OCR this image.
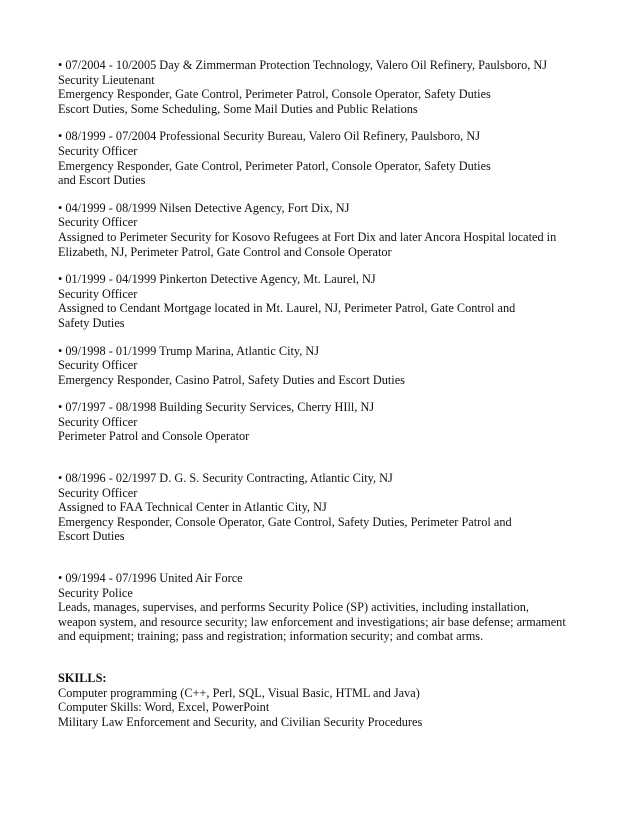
• 07/2004 - 10/2005 Day & Zimmerman Protection Technology, Valero Oil Refinery, Paulsboro, NJ
Security Lieutenant
Emergency Responder, Gate Control, Perimeter Patrol, Console Operator, Safety Duties
Escort Duties, Some Scheduling, Some Mail Duties and Public Relations
• 08/1999 - 07/2004 Professional Security Bureau, Valero Oil Refinery, Paulsboro, NJ
Security Officer
Emergency Responder, Gate Control, Perimeter Patorl, Console Operator, Safety Duties
and Escort Duties
• 04/1999 - 08/1999 Nilsen Detective Agency, Fort Dix, NJ
Security Officer
Assigned to Perimeter Security for Kosovo Refugees at Fort Dix and later Ancora Hospital located in
Elizabeth, NJ, Perimeter Patrol, Gate Control and Console Operator
• 01/1999 - 04/1999 Pinkerton Detective Agency, Mt. Laurel, NJ
Security Officer
Assigned to Cendant Mortgage located in Mt. Laurel, NJ, Perimeter Patrol, Gate Control and
Safety Duties
• 09/1998 - 01/1999 Trump Marina, Atlantic City, NJ
Security Officer
Emergency Responder, Casino Patrol, Safety Duties and Escort Duties
• 07/1997 - 08/1998 Building Security Services, Cherry HIll, NJ
Security Officer
Perimeter Patrol and Console Operator
• 08/1996 - 02/1997 D. G. S. Security Contracting, Atlantic City, NJ
Security Officer
Assigned to FAA Technical Center in Atlantic City, NJ
Emergency Responder, Console Operator, Gate Control, Safety Duties, Perimeter Patrol and
Escort Duties
• 09/1994 - 07/1996 United Air Force
Security Police
Leads, manages, supervises, and performs Security Police (SP) activities, including installation,
weapon system, and resource security; law enforcement and investigations; air base defense; armament
and equipment; training; pass and registration; information security; and combat arms.
SKILLS:
Computer programming (C++, Perl, SQL, Visual Basic, HTML and Java)
Computer Skills: Word, Excel, PowerPoint
Military Law Enforcement and Security, and Civilian Security Procedures
